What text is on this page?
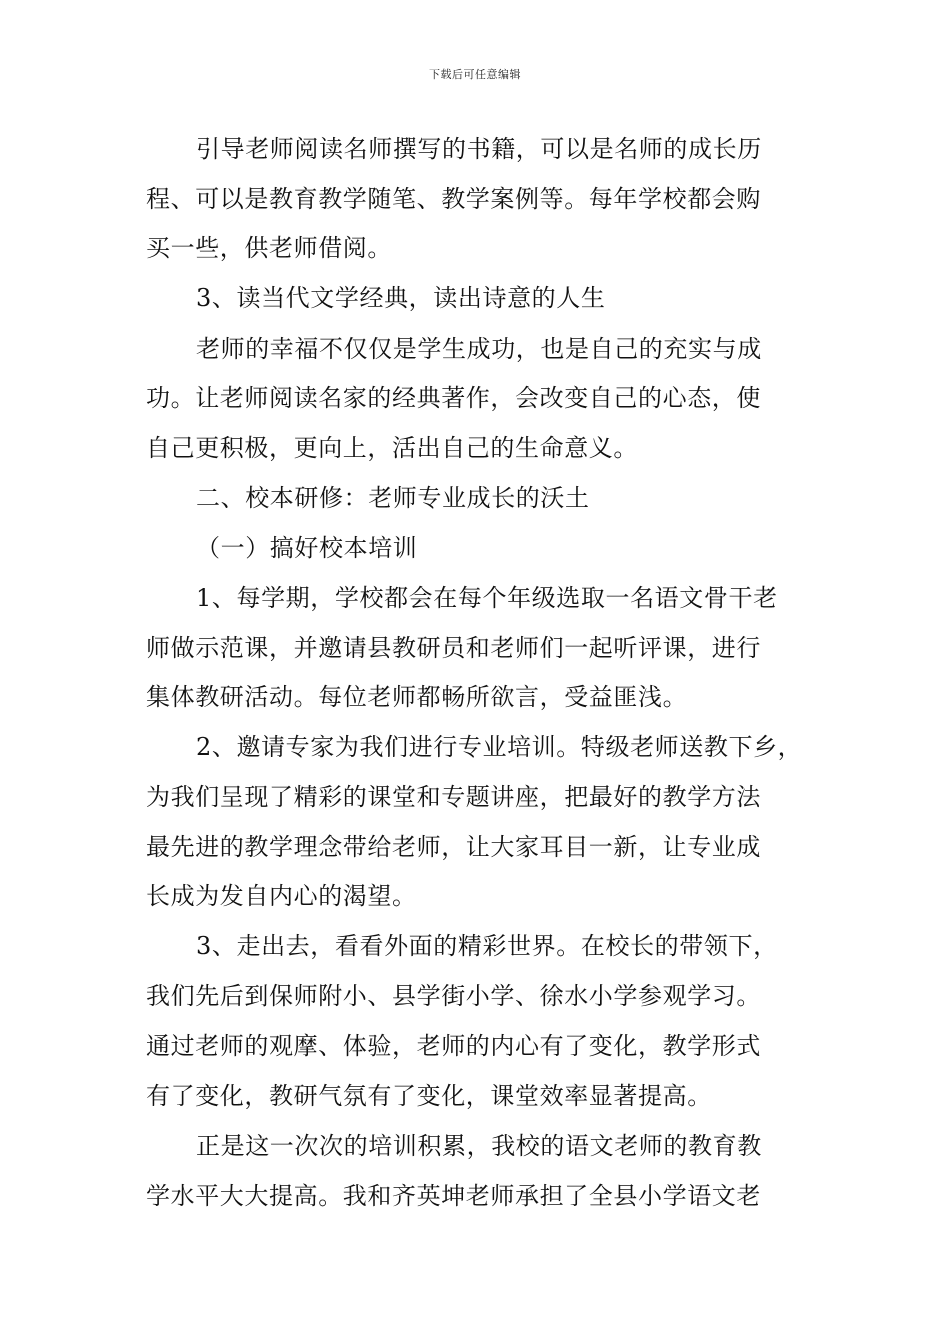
下载后可任意编辑
引导老师阅读名师撰写的书籍，可以是名师的成长历
程、可以是教育教学随笔、教学案例等。每年学校都会购
买一些，供老师借阅。
3、读当代文学经典，读出诗意的人生
老师的幸福不仅仅是学生成功，也是自己的充实与成
功。让老师阅读名家的经典著作，会改变自己的心态，使
自己更积极，更向上，活出自己的生命意义。
二、校本研修：老师专业成长的沃土
（一）搞好校本培训
1、每学期，学校都会在每个年级选取一名语文骨干老
师做示范课，并邀请县教研员和老师们一起听评课，进行
集体教研活动。每位老师都畅所欲言，受益匪浅。
2、邀请专家为我们进行专业培训。特级老师送教下乡，
为我们呈现了精彩的课堂和专题讲座，把最好的教学方法
最先进的教学理念带给老师，让大家耳目一新，让专业成
长成为发自内心的渴望。
3、走出去，看看外面的精彩世界。在校长的带领下，
我们先后到保师附小、县学街小学、徐水小学参观学习。
通过老师的观摩、体验，老师的内心有了变化，教学形式
有了变化，教研气氛有了变化，课堂效率显著提高。
正是这一次次的培训积累，我校的语文老师的教育教
学水平大大提高。我和齐英坤老师承担了全县小学语文老
